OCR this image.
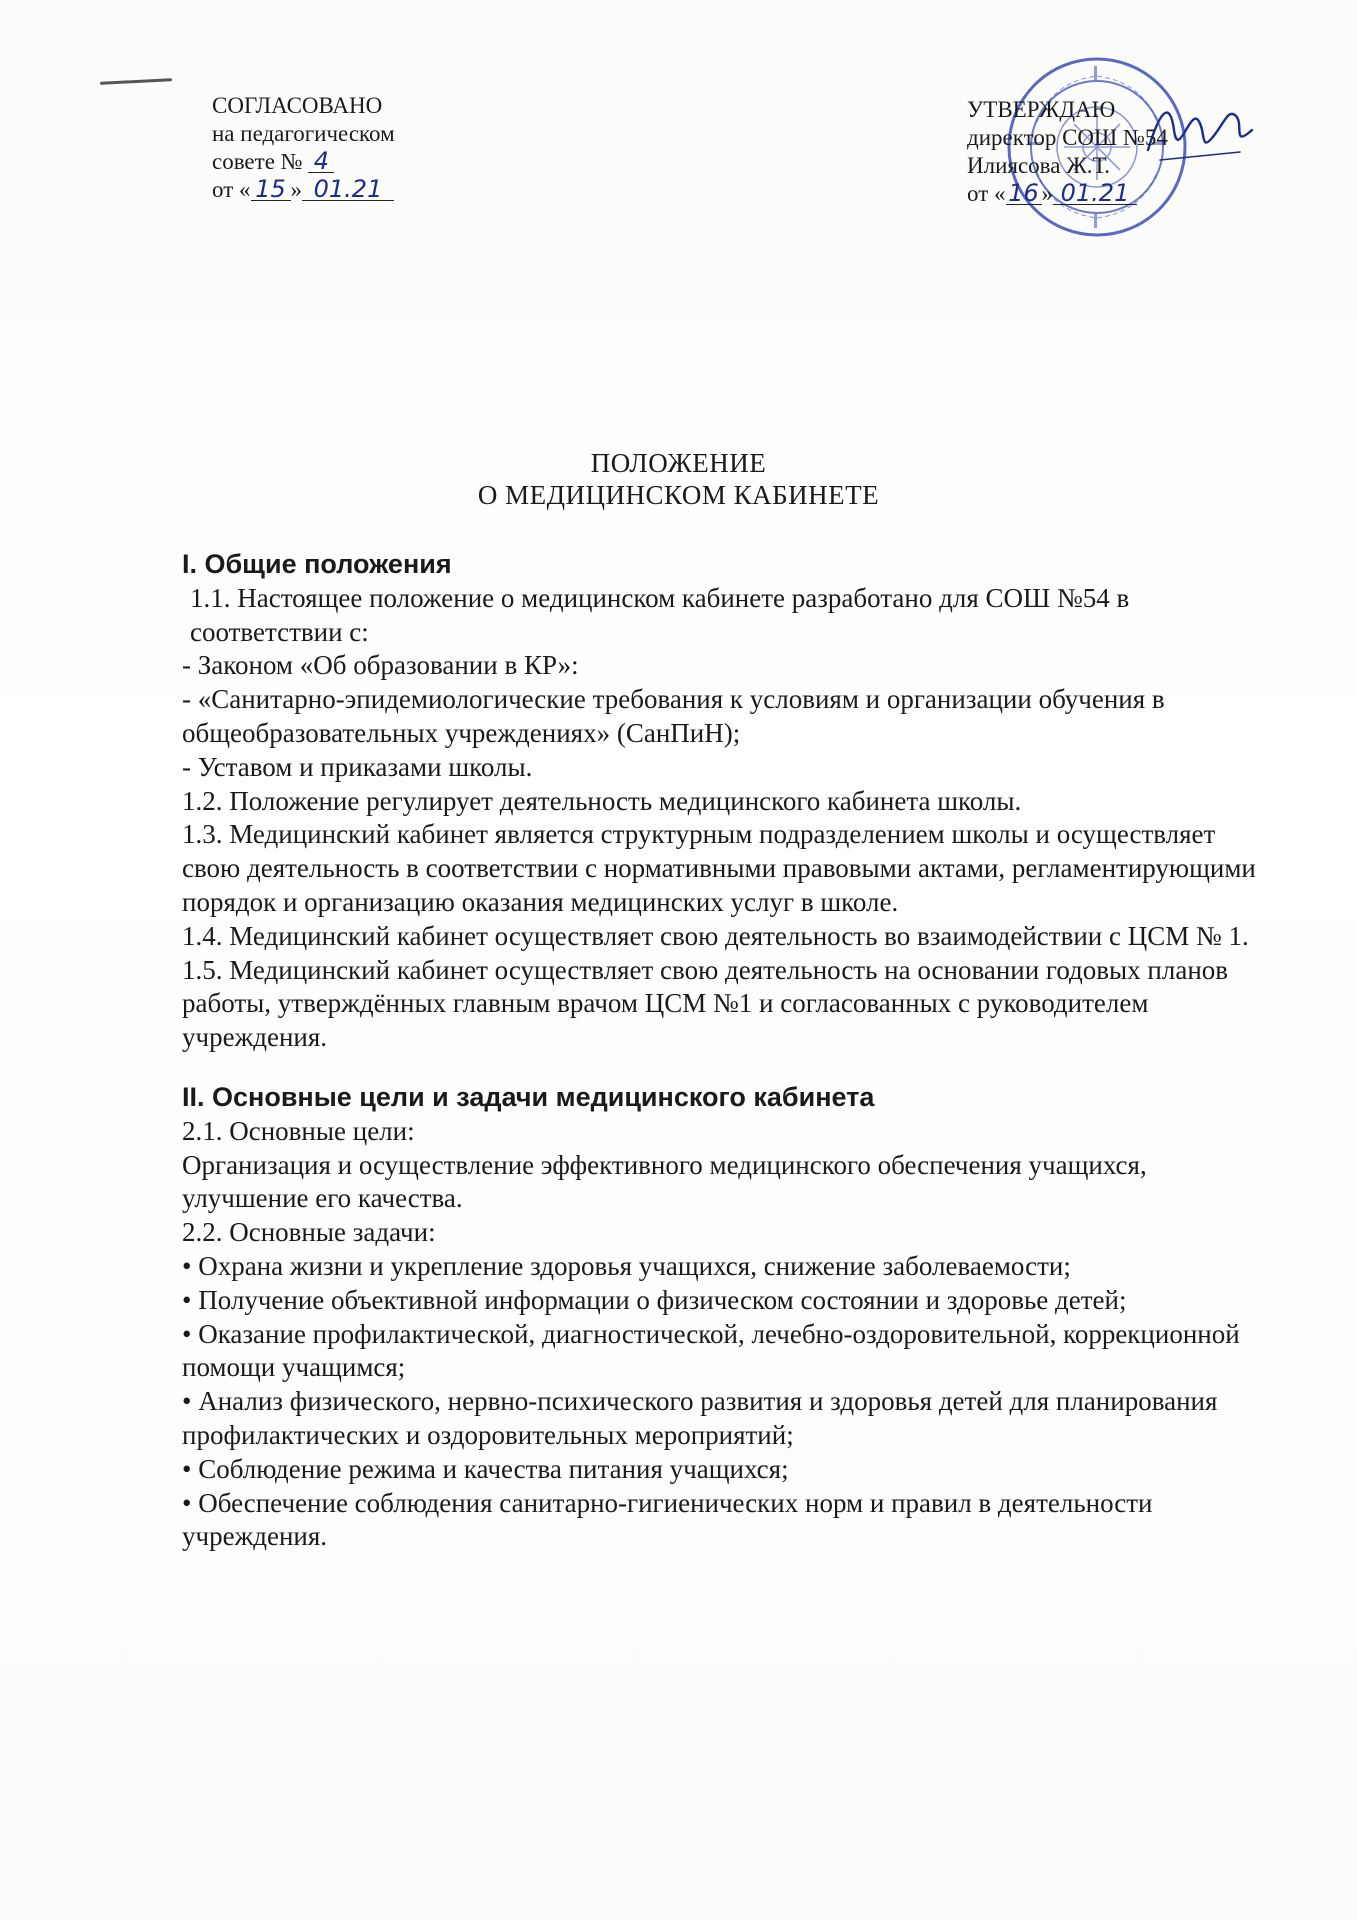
СОГЛАСОВАНО
на педагогическом
совете № 4
от « 15 » 01.21
УТВЕРЖДАЮ
директор СОШ №54
Илиясова Ж.Т.
от « 16 » 01.21
ПОЛОЖЕНИЕ
О МЕДИЦИНСКОМ КАБИНЕТЕ

I. Общие положения

1.1. Настоящее положение о медицинском кабинете разработано для СОШ №54 в соответствии с:

- Законом «Об образовании в КР»:

- «Санитарно-эпидемиологические требования к условиям и организации обучения в общеобразовательных учреждениях» (СанПиН);

- Уставом и приказами школы.

1.2. Положение регулирует деятельность медицинского кабинета школы.

1.3. Медицинский кабинет является структурным подразделением школы и осуществляет свою деятельность в соответствии с нормативными правовыми актами, регламентирующими порядок и организацию оказания медицинских услуг в школе.

1.4. Медицинский кабинет осуществляет свою деятельность во взаимодействии с ЦСМ № 1.

1.5. Медицинский кабинет осуществляет свою деятельность на основании годовых планов работы, утверждённых главным врачом ЦСМ №1 и согласованных с руководителем учреждения.

II. Основные цели и задачи медицинского кабинета

2.1. Основные цели:

Организация и осуществление эффективного медицинского обеспечения учащихся, улучшение его качества.

2.2. Основные задачи:

• Охрана жизни и укрепление здоровья учащихся, снижение заболеваемости;

• Получение объективной информации о физическом состоянии и здоровье детей;

• Оказание профилактической, диагностической, лечебно-оздоровительной, коррекционной помощи учащимся;

• Анализ физического, нервно-психического развития и здоровья детей для планирования профилактических и оздоровительных мероприятий;

• Соблюдение режима и качества питания учащихся;

• Обеспечение соблюдения санитарно-гигиенических норм и правил в деятельности учреждения.
